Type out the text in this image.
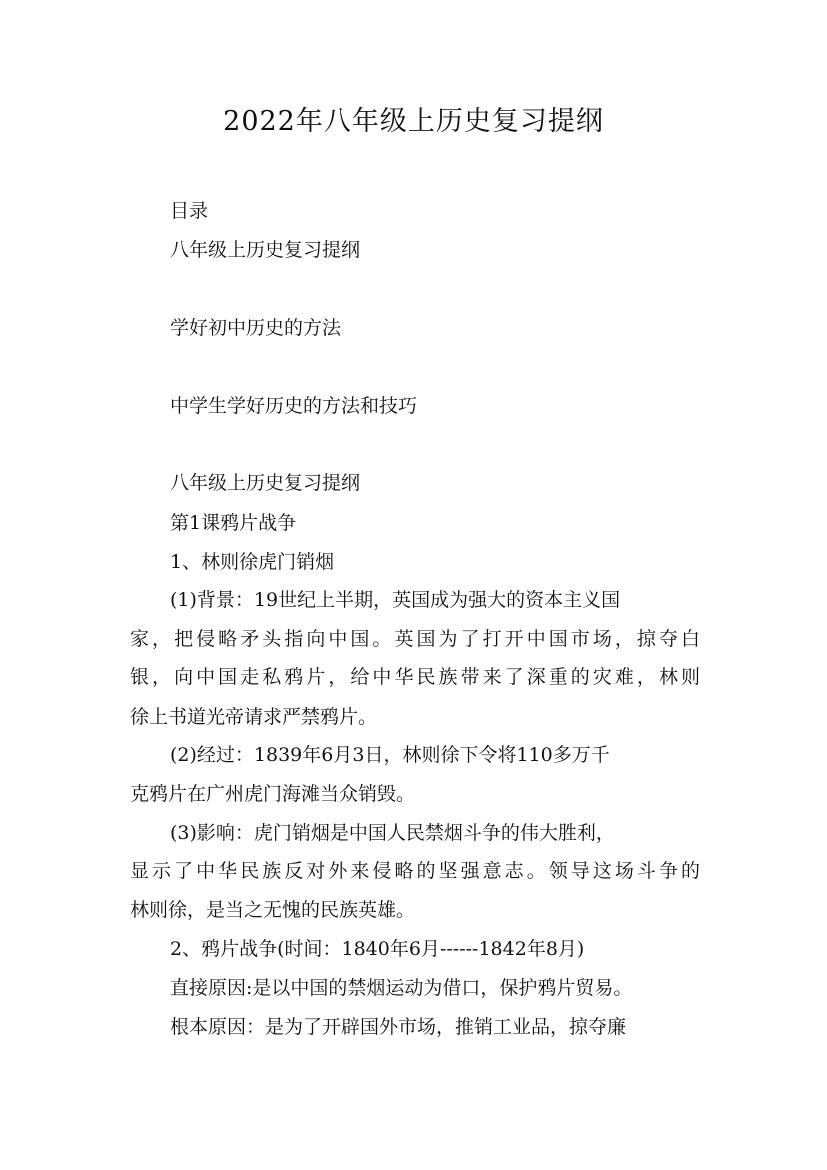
2022年八年级上历史复习提纲
目录
八年级上历史复习提纲
学好初中历史的方法
中学生学好历史的方法和技巧
八年级上历史复习提纲
第1课鸦片战争
1、林则徐虎门销烟
(1)背景：19世纪上半期，英国成为强大的资本主义国
家，把侵略矛头指向中国。英国为了打开中国市场，掠夺白
银，向中国走私鸦片，给中华民族带来了深重的灾难，林则
徐上书道光帝请求严禁鸦片。
(2)经过：1839年6月3日，林则徐下令将110多万千
克鸦片在广州虎门海滩当众销毁。
(3)影响：虎门销烟是中国人民禁烟斗争的伟大胜利，
显示了中华民族反对外来侵略的坚强意志。领导这场斗争的
林则徐，是当之无愧的民族英雄。
2、鸦片战争(时间：1840年6月------1842年8月)
直接原因:是以中国的禁烟运动为借口，保护鸦片贸易。
根本原因：是为了开辟国外市场，推销工业品，掠夺廉
